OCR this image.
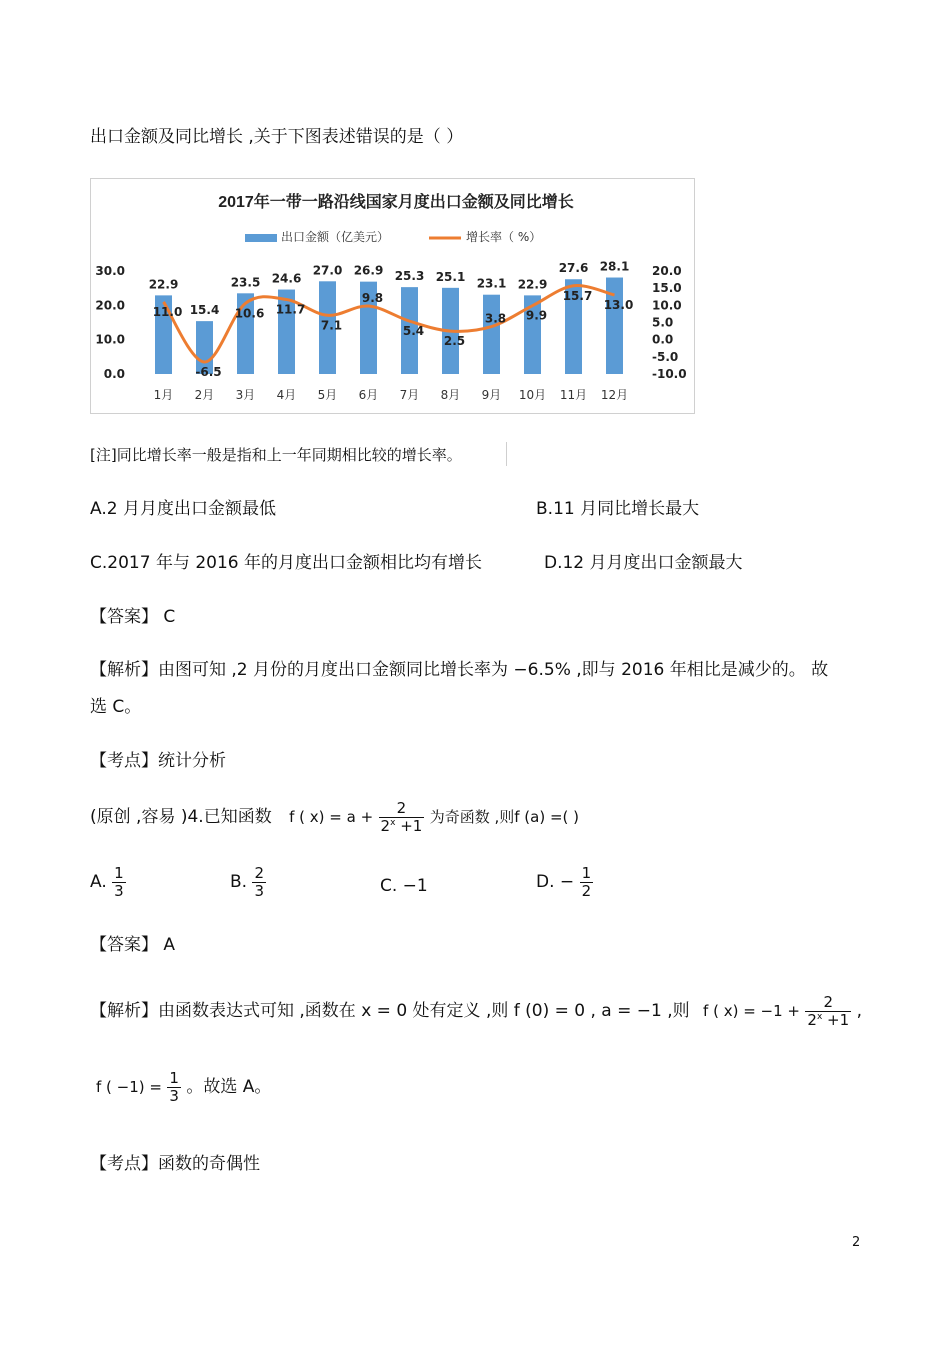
出口金额及同比增长 ,关于下图表述错误的是（ ）
2017年一带一路沿线国家月度出口金额及同比增长
出口金额（亿美元）	增长率（ %）
30.0
20.0
10.0
0.0
20.0
15.0
10.0
5.0
0.0
-5.0
-10.0
22.9
15.4
23.5 24.6
27.0 26.9 25.3 25.1 23.1 22.9
27.6 28.1
11.0
-6.5
10.6 11.7
7.1
9.8
5.4
2.5
3.8 9.9
15.7
13.0
1月 2月 3月 4月 5月 6月 7月 8月 9月 10月 11月 12月
[注]同比增长率一般是指和上一年同期相比较的增长率。
A.2 月月度出口金额最低	B.11 月同比增长最大
C.2017 年与 2016 年的月度出口金额相比均有增长	D.12 月月度出口金额最大
【答案】 C
【解析】由图可知 ,2 月份的月度出口金额同比增长率为 −6.5% ,即与 2016 年相比是减少的。 故
选 C。
【考点】统计分析
(原创 ,容易 )4.已知函数 f ( $x) = a + \frac{2}{2^x +1}$ 为奇函数 ,则f (a) =( )
A. $\frac{1}{3}$	B. $\frac{2}{3}$	C. −1	D. − $\frac{1}{2}$
【答案】 A
【解析】由函数表达式可知 ,函数在 x = 0 处有定义 ,则 f (0) = 0 , a = −1 ,则 f ( $x) = -1 + \frac{2}{2^x +1}$ ,
f ( $-1) = \frac{1}{3}$ 。故选 A。
【考点】函数的奇偶性
2
